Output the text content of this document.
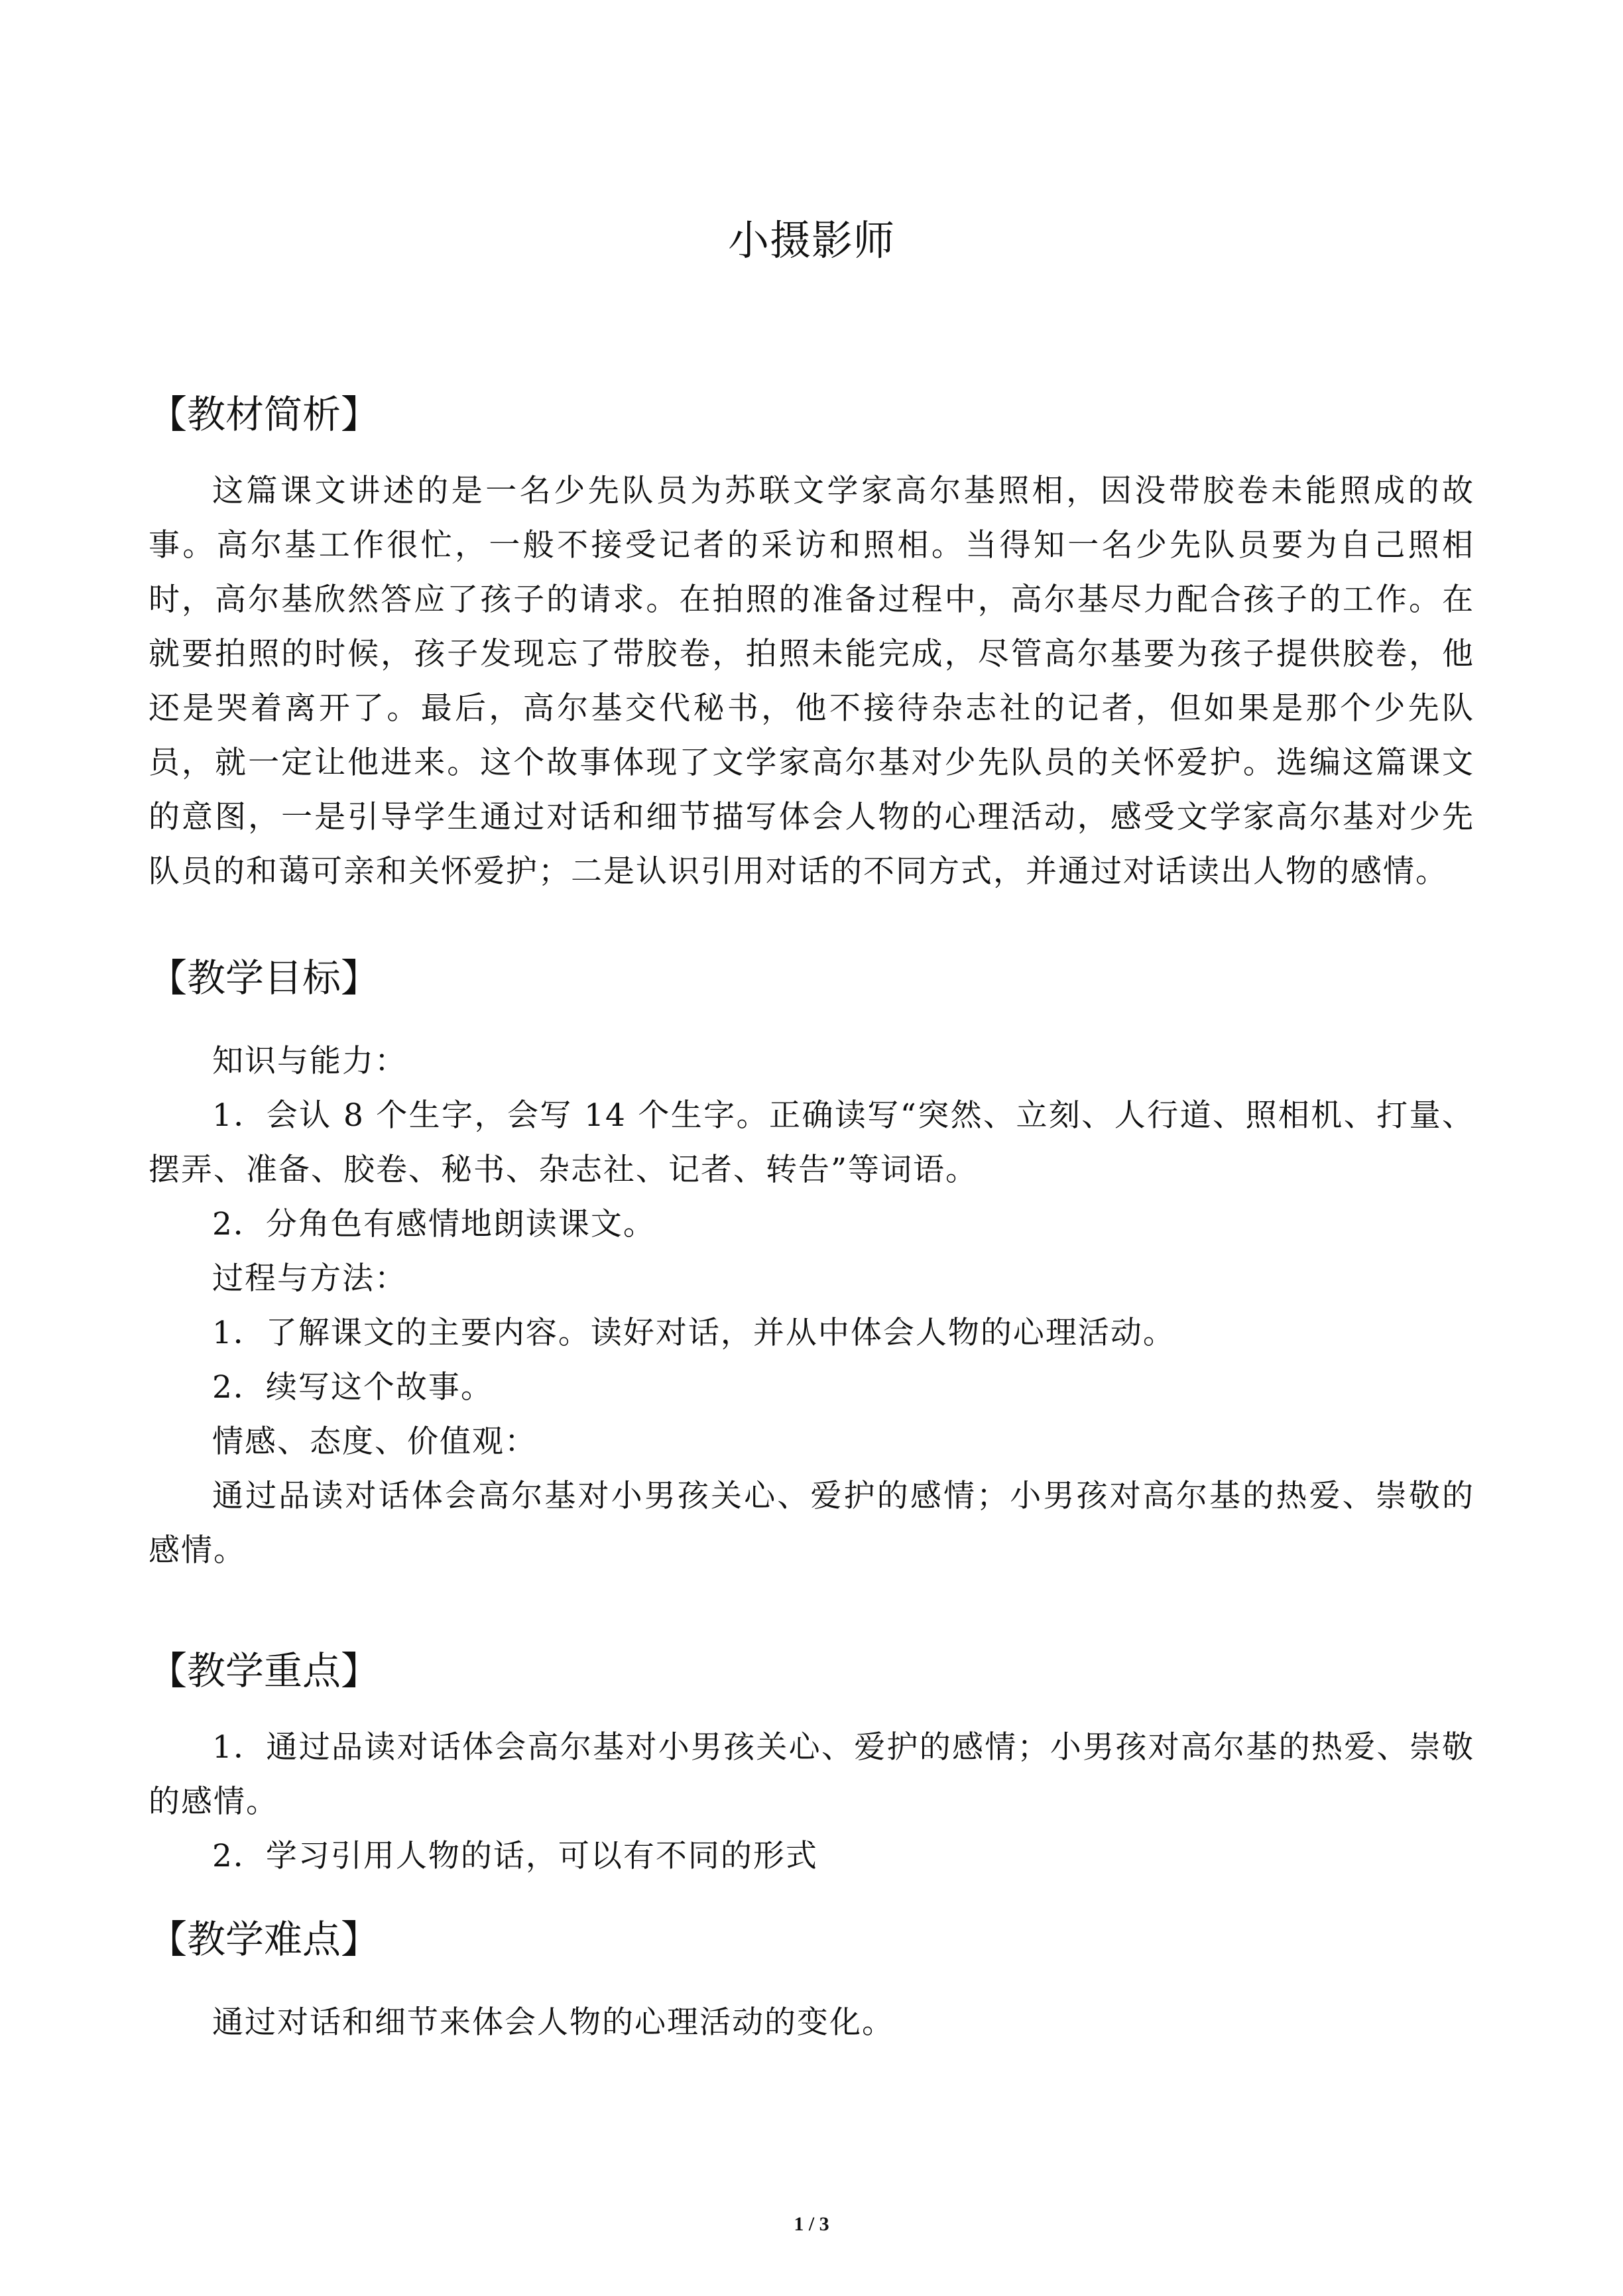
小摄影师
【教材简析】

这篇课文讲述的是一名少先队员为苏联文学家高尔基照相，因没带胶卷未能照成的故事。高尔基工作很忙，一般不接受记者的采访和照相。当得知一名少先队员要为自己照相时，高尔基欣然答应了孩子的请求。在拍照的准备过程中，高尔基尽力配合孩子的工作。在就要拍照的时候，孩子发现忘了带胶卷，拍照未能完成，尽管高尔基要为孩子提供胶卷，他还是哭着离开了。最后，高尔基交代秘书，他不接待杂志社的记者，但如果是那个少先队员，就一定让他进来。这个故事体现了文学家高尔基对少先队员的关怀爱护。选编这篇课文的意图，一是引导学生通过对话和细节描写体会人物的心理活动，感受文学家高尔基对少先队员的和蔼可亲和关怀爱护；二是认识引用对话的不同方式，并通过对话读出人物的感情。

【教学目标】

知识与能力：

1．会认 8 个生字，会写 14 个生字。正确读写“突然、立刻、人行道、照相机、打量、摆弄、准备、胶卷、秘书、杂志社、记者、转告”等词语。

2．分角色有感情地朗读课文。

过程与方法：

1．了解课文的主要内容。读好对话，并从中体会人物的心理活动。

2．续写这个故事。

情感、态度、价值观：

通过品读对话体会高尔基对小男孩关心、爱护的感情；小男孩对高尔基的热爱、崇敬的感情。

【教学重点】

1．通过品读对话体会高尔基对小男孩关心、爱护的感情；小男孩对高尔基的热爱、崇敬的感情。

2．学习引用人物的话，可以有不同的形式

【教学难点】

通过对话和细节来体会人物的心理活动的变化。

1 / 3
